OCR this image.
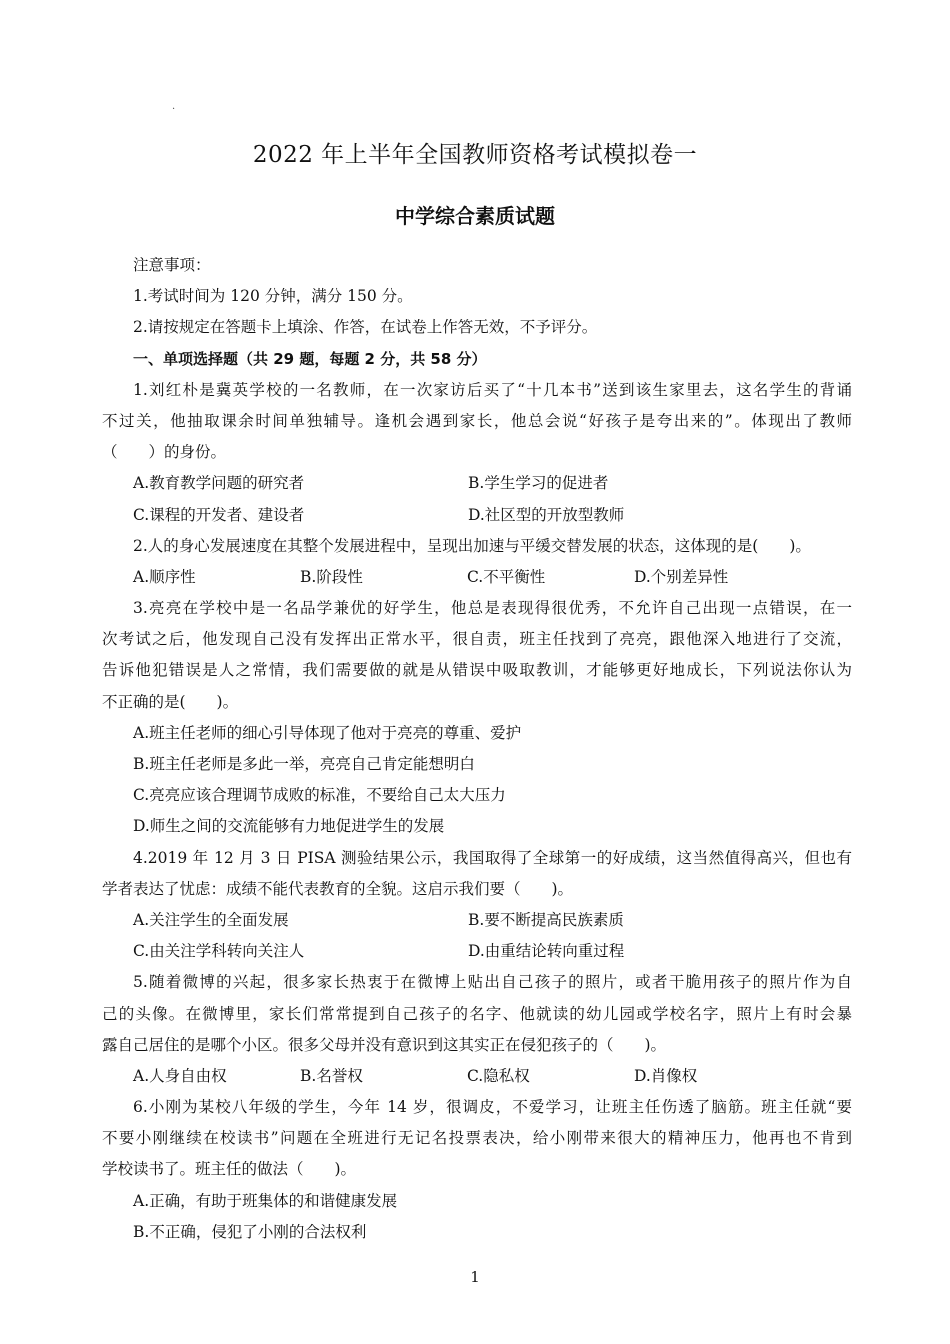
·
2022 年上半年全国教师资格考试模拟卷一
中学综合素质试题
注意事项：
1.考试时间为 120 分钟，满分 150 分。
2.请按规定在答题卡上填涂、作答，在试卷上作答无效，不予评分。
一、单项选择题（共 29 题，每题 2 分，共 58 分）
1.刘红朴是冀英学校的一名教师，在一次家访后买了“十几本书”送到该生家里去，这名学生的背诵
不过关，他抽取课余时间单独辅导。逢机会遇到家长，他总会说“好孩子是夸出来的”。体现出了教师
（　　）的身份。
A.教育教学问题的研究者	B.学生学习的促进者
C.课程的开发者、建设者	D.社区型的开放型教师
2.人的身心发展速度在其整个发展进程中，呈现出加速与平缓交替发展的状态，这体现的是(　　)。
A.顺序性	B.阶段性	C.不平衡性	D.个别差异性
3.亮亮在学校中是一名品学兼优的好学生，他总是表现得很优秀，不允许自己出现一点错误，在一
次考试之后，他发现自己没有发挥出正常水平，很自责，班主任找到了亮亮，跟他深入地进行了交流，
告诉他犯错误是人之常情，我们需要做的就是从错误中吸取教训，才能够更好地成长，下列说法你认为
不正确的是(　　)。
A.班主任老师的细心引导体现了他对于亮亮的尊重、爱护
B.班主任老师是多此一举，亮亮自己肯定能想明白
C.亮亮应该合理调节成败的标准，不要给自己太大压力
D.师生之间的交流能够有力地促进学生的发展
4.2019 年 12 月 3 日 PISA 测验结果公示，我国取得了全球第一的好成绩，这当然值得高兴，但也有
学者表达了忧虑：成绩不能代表教育的全貌。这启示我们要（　　)。
A.关注学生的全面发展	B.要不断提高民族素质
C.由关注学科转向关注人	D.由重结论转向重过程
5.随着微博的兴起，很多家长热衷于在微博上贴出自己孩子的照片，或者干脆用孩子的照片作为自
己的头像。在微博里，家长们常常提到自己孩子的名字、他就读的幼儿园或学校名字，照片上有时会暴
露自己居住的是哪个小区。很多父母并没有意识到这其实正在侵犯孩子的（　　)。
A.人身自由权	B.名誉权	C.隐私权	D.肖像权
6.小刚为某校八年级的学生，今年 14 岁，很调皮，不爱学习，让班主任伤透了脑筋。班主任就“要
不要小刚继续在校读书”问题在全班进行无记名投票表决，给小刚带来很大的精神压力，他再也不肯到
学校读书了。班主任的做法（　　)。
A.正确，有助于班集体的和谐健康发展
B.不正确，侵犯了小刚的合法权利
1
